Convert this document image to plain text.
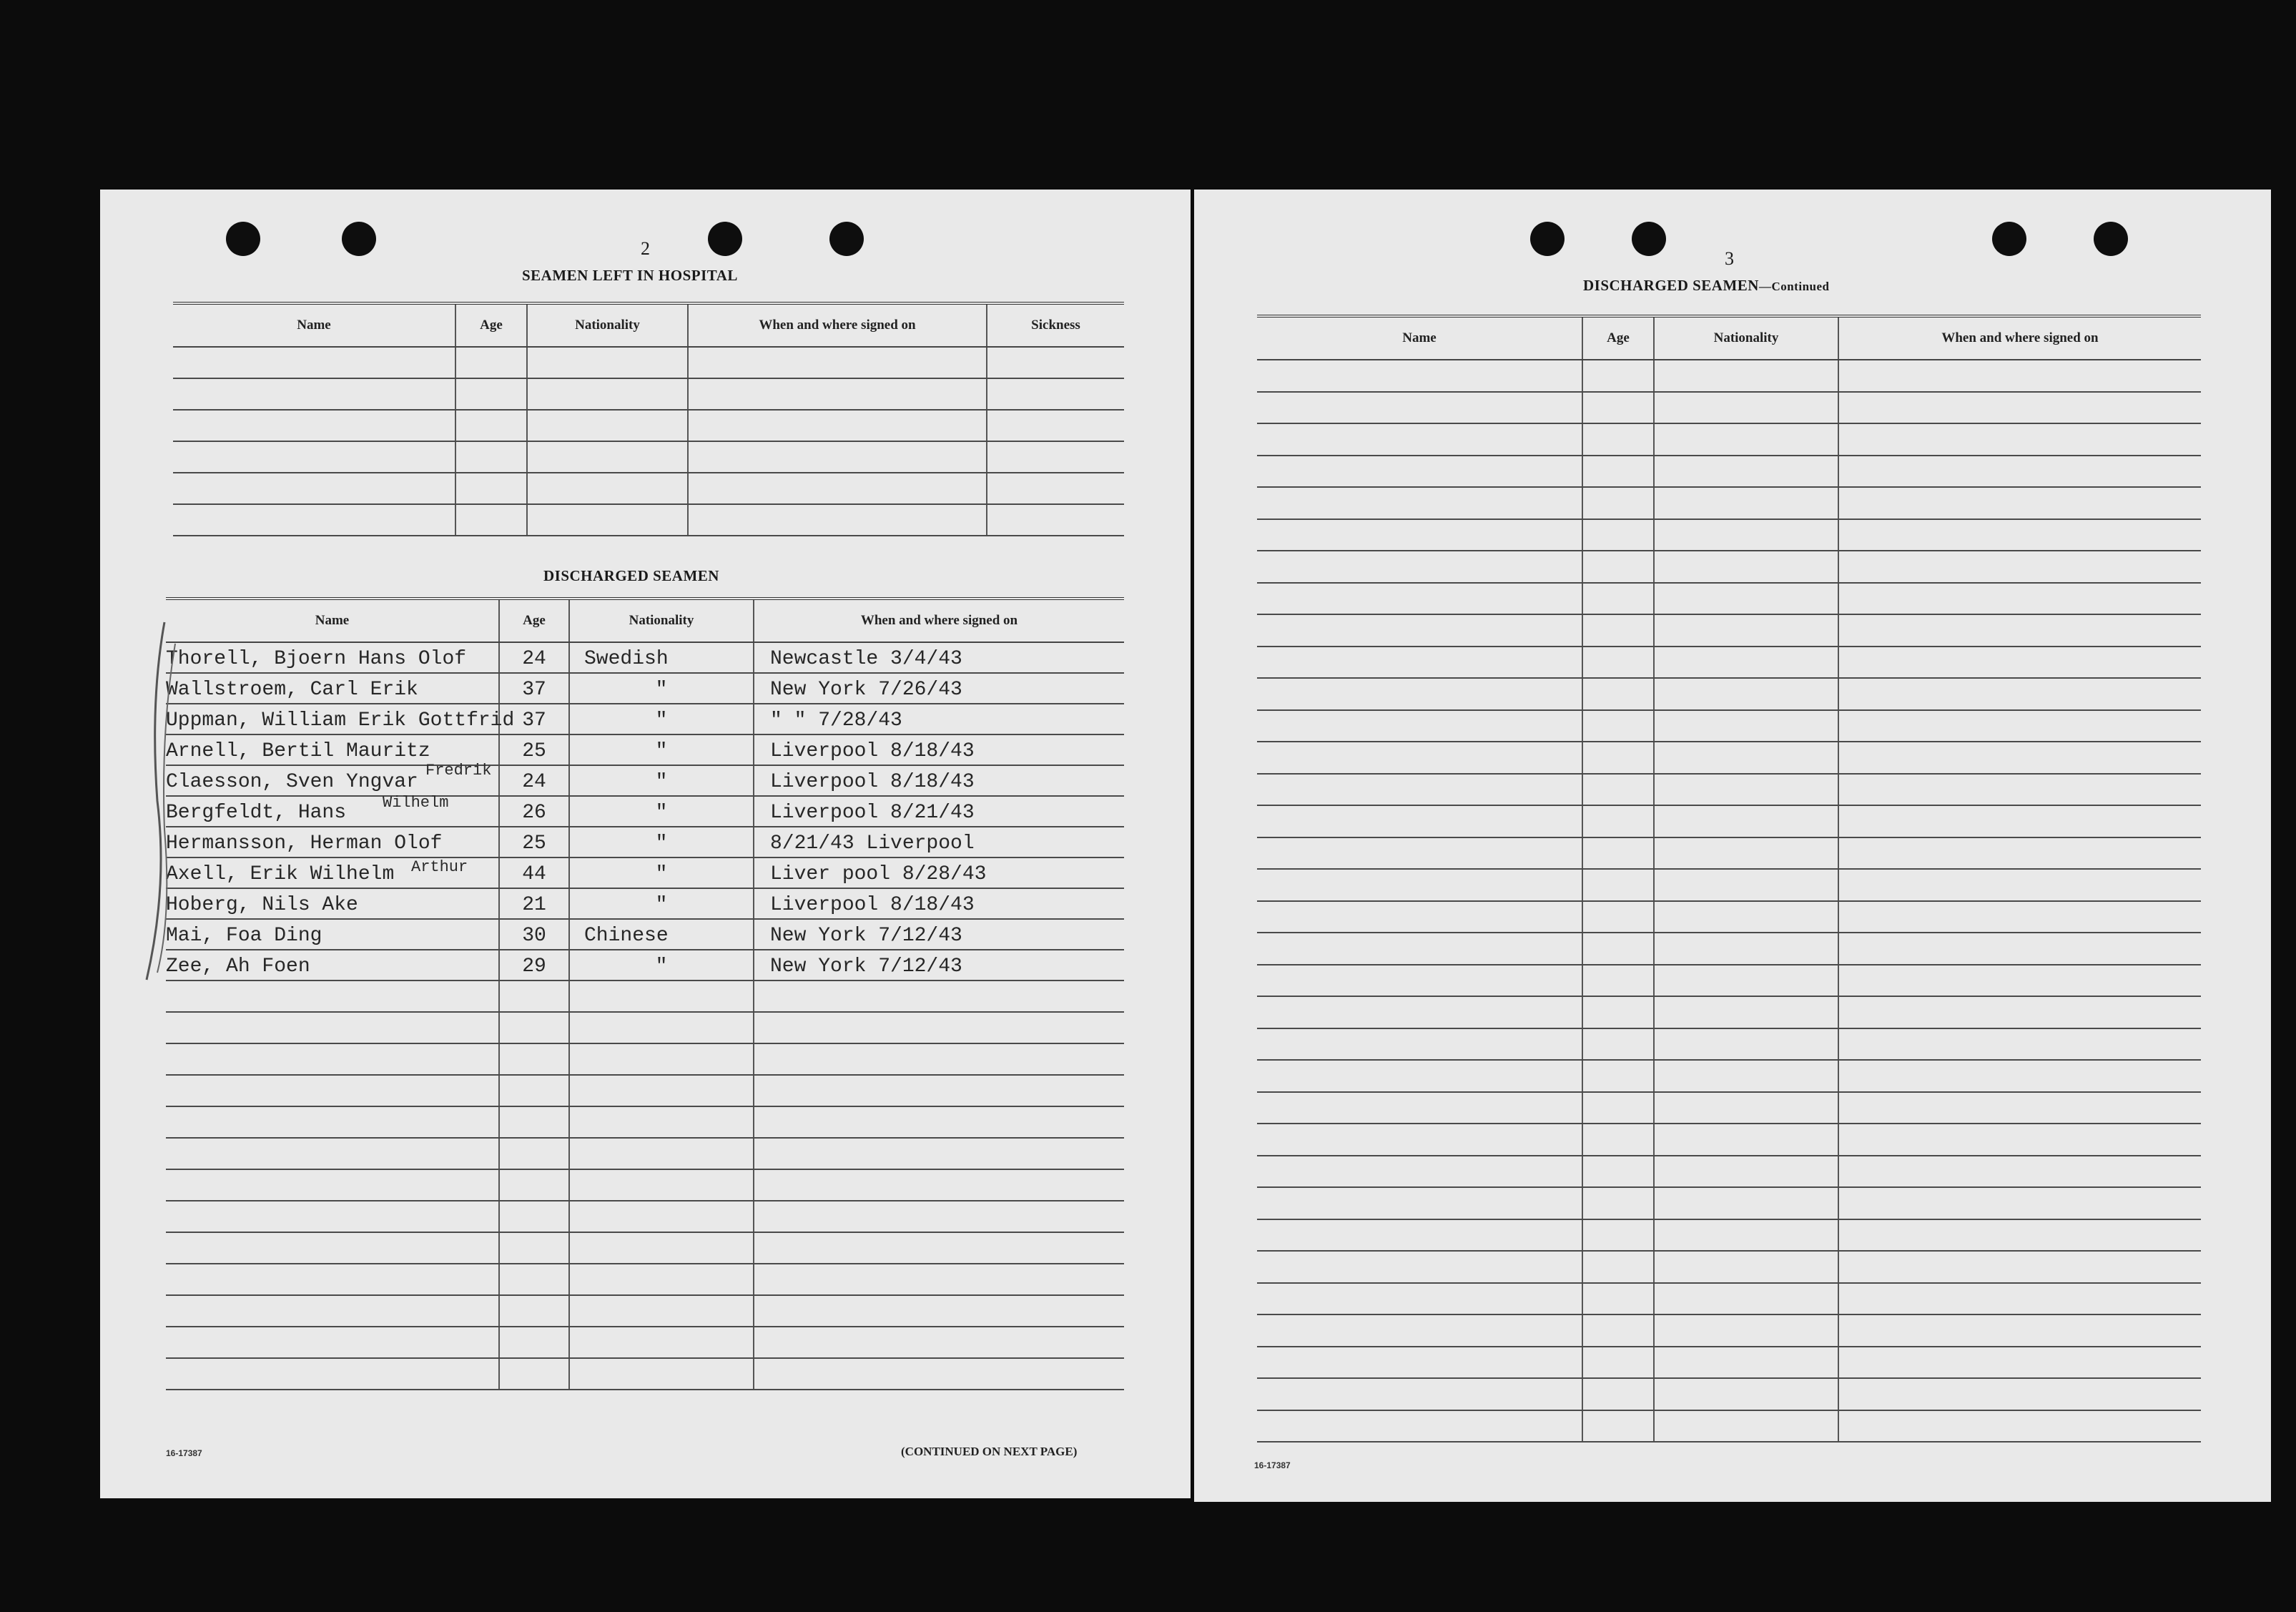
2

SEAMEN LEFT IN HOSPITAL

Name	Age	Nationality	When and where signed on	Sickness

DISCHARGED SEAMEN

Name	Age	Nationality	When and where signed on
Thorell, Bjoern Hans Olof	24	Swedish	Newcastle 3/4/43
Wallstroem, Carl Erik	37	"	New York 7/26/43
Uppman, William Erik Gottfrid	37	"	" " 7/28/43
Arnell, Bertil Mauritz	25	"	Liverpool 8/18/43
Claesson, Sven Yngvar	24	"	Liverpool 8/18/43
Bergfeldt, Hans	26	"	Liverpool 8/21/43
Hermansson, Herman Olof	25	"	8/21/43 Liverpool
Axell, Erik Wilhelm	44	"	Liver pool 8/28/43
Hoberg, Nils Ake	21	"	Liverpool 8/18/43
Mai, Foa Ding	30	Chinese	New York 7/12/43
Zee, Ah Foen	29	"	New York 7/12/43

16-17387	(CONTINUED ON NEXT PAGE)

3

DISCHARGED SEAMEN—Continued

Name	Age	Nationality	When and where signed on

16-17387

Fredrik
Wilhelm
Arthur
